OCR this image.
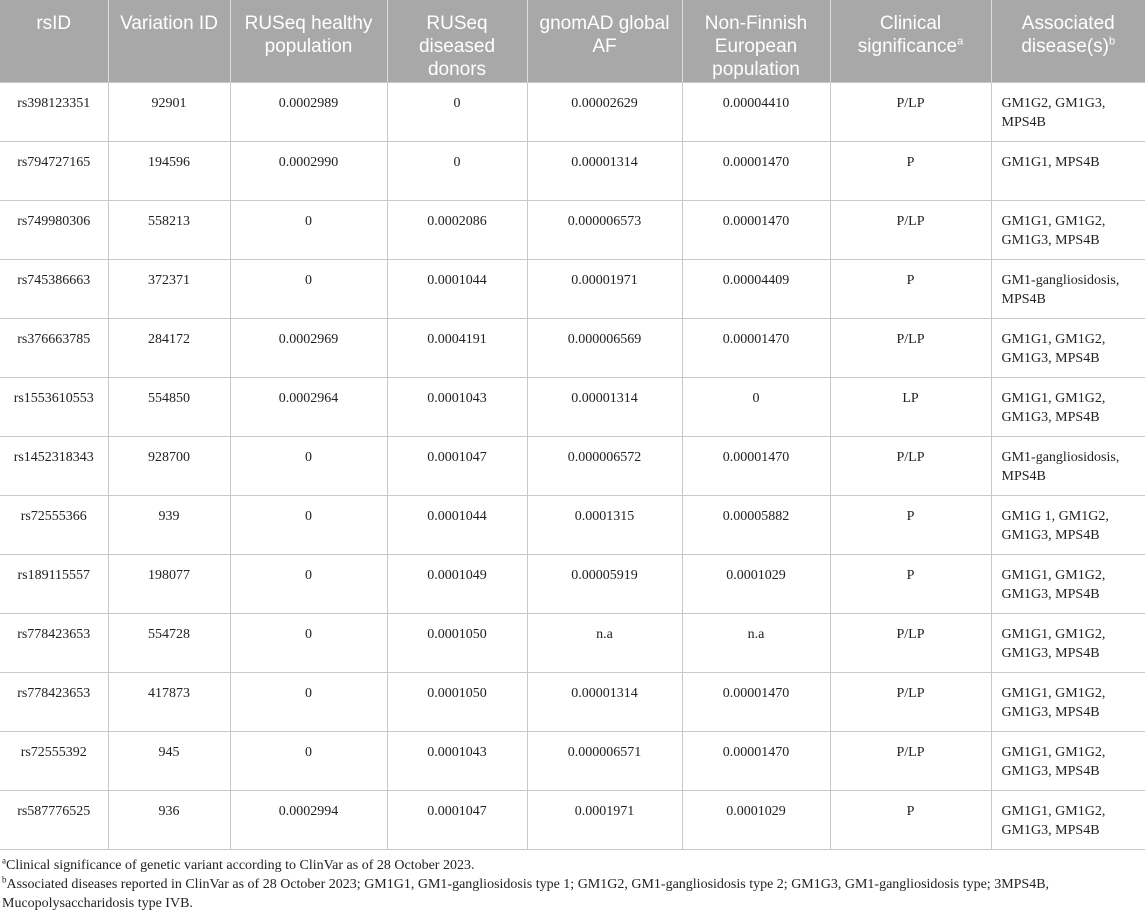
rsID	Variation ID	RUSeq healthy population	RUSeq diseased donors	gnomAD global AF	Non-Finnish European population	Clinical significance$^a$	Associated $disease(s)^b$
rs398123351	92901	0.0002989	0	0.00002629	0.00004410	P/LP	GM1G2, GM1G3, MPS4B
rs794727165	194596	0.0002990	0	0.00001314	0.00001470	P	GM1G1, MPS4B
rs749980306	558213	0	0.0002086	0.000006573	0.00001470	P/LP	GM1G1, GM1G2, GM1G3, MPS4B
rs745386663	372371	0	0.0001044	0.00001971	0.00004409	P	GM1-gangliosidosis, MPS4B
rs376663785	284172	0.0002969	0.0004191	0.000006569	0.00001470	P/LP	GM1G1, GM1G2, GM1G3, MPS4B
rs1553610553	554850	0.0002964	0.0001043	0.00001314	0	LP	GM1G1, GM1G2, GM1G3, MPS4B
rs1452318343	928700	0	0.0001047	0.000006572	0.00001470	P/LP	GM1-gangliosidosis, MPS4B
rs72555366	939	0	0.0001044	0.0001315	0.00005882	P	GM1G 1, GM1G2, GM1G3, MPS4B
rs189115557	198077	0	0.0001049	0.00005919	0.0001029	P	GM1G1, GM1G2, GM1G3, MPS4B
rs778423653	554728	0	0.0001050	n.a	n.a	P/LP	GM1G1, GM1G2, GM1G3, MPS4B
rs778423653	417873	0	0.0001050	0.00001314	0.00001470	P/LP	GM1G1, GM1G2, GM1G3, MPS4B
rs72555392	945	0	0.0001043	0.000006571	0.00001470	P/LP	GM1G1, GM1G2, GM1G3, MPS4B
rs587776525	936	0.0002994	0.0001047	0.0001971	0.0001029	P	GM1G1, GM1G2, GM1G3, MPS4B

$^a$Clinical significance of genetic variant according to ClinVar as of 28 October 2023.

$^b$Associated diseases reported in ClinVar as of 28 October 2023; GM1G1, GM1-gangliosidosis type 1; GM1G2, GM1-gangliosidosis type 2; GM1G3, GM1-gangliosidosis type; 3MPS4B, Mucopolysaccharidosis type IVB.
